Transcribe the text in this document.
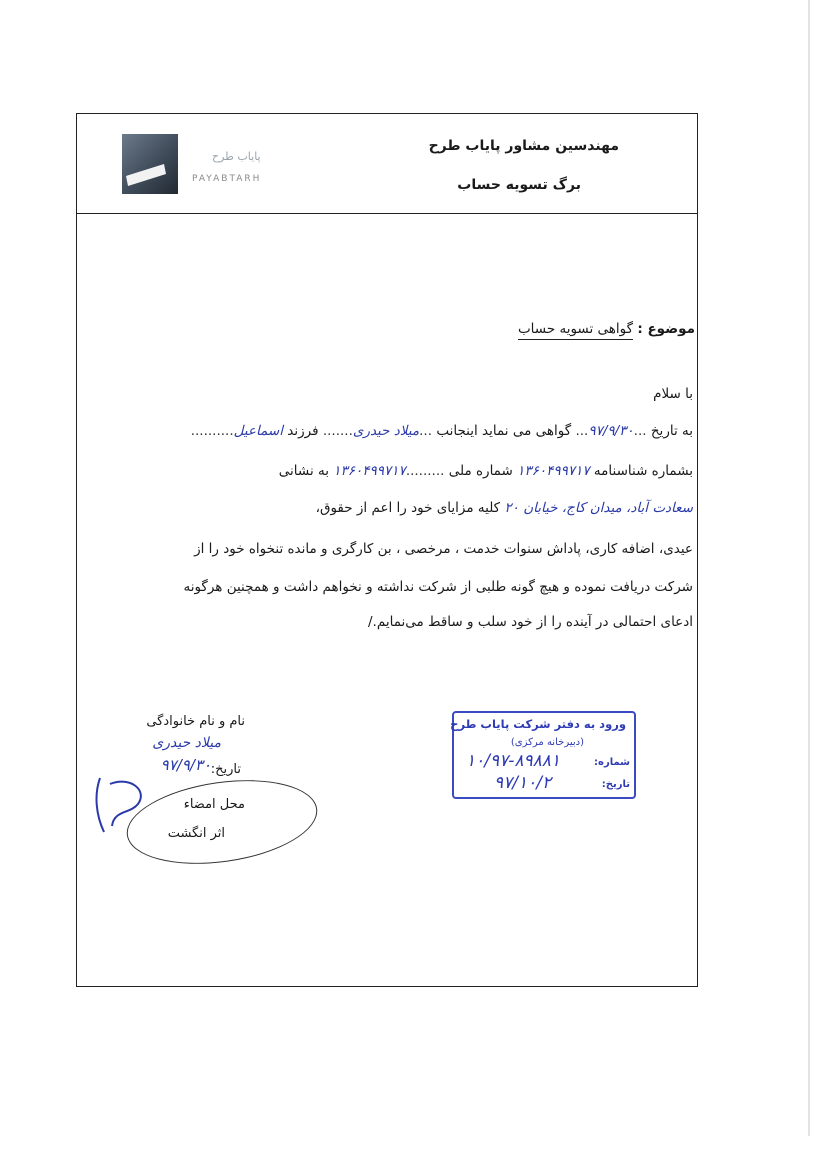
پایاب طرح
PAYABTARH
مهندسین مشاور پایاب طرح
برگ تسویه حساب
موضوع : گواهی تسویه حساب
با سلام
به تاریخ ...۹۷/۹/۳۰... گواهی می نماید اینجانب ...میلاد حیدری....... فرزند اسماعیل..........
بشماره شناسنامه ۱۳۶۰۴۹۹۷۱۷ شماره ملی .........۱۳۶۰۴۹۹۷۱۷ به نشانی
سعادت آباد، میدان کاج، خیابان ۲۰ کلیه مزایای خود را اعم از حقوق،
عیدی، اضافه کاری، پاداش سنوات خدمت ، مرخصی ، بن کارگری و مانده تنخواه خود را از
شرکت دریافت نموده و هیچ گونه طلبی از شرکت نداشته و نخواهم داشت و همچنین هرگونه
ادعای احتمالی در آینده را از خود سلب و ساقط می‌نمایم./
نام و نام خانوادگی
میلاد حیدری
تاریخ:
۹۷/۹/۳۰
محل امضاء
اثر انگشت
ورود به دفتر شرکت پایاب طرح
(دبیرخانه مرکزی)
شماره:
تاریخ:
۱۰/۹۷-۸۹۸۸۱
۹۷/۱۰/۲
